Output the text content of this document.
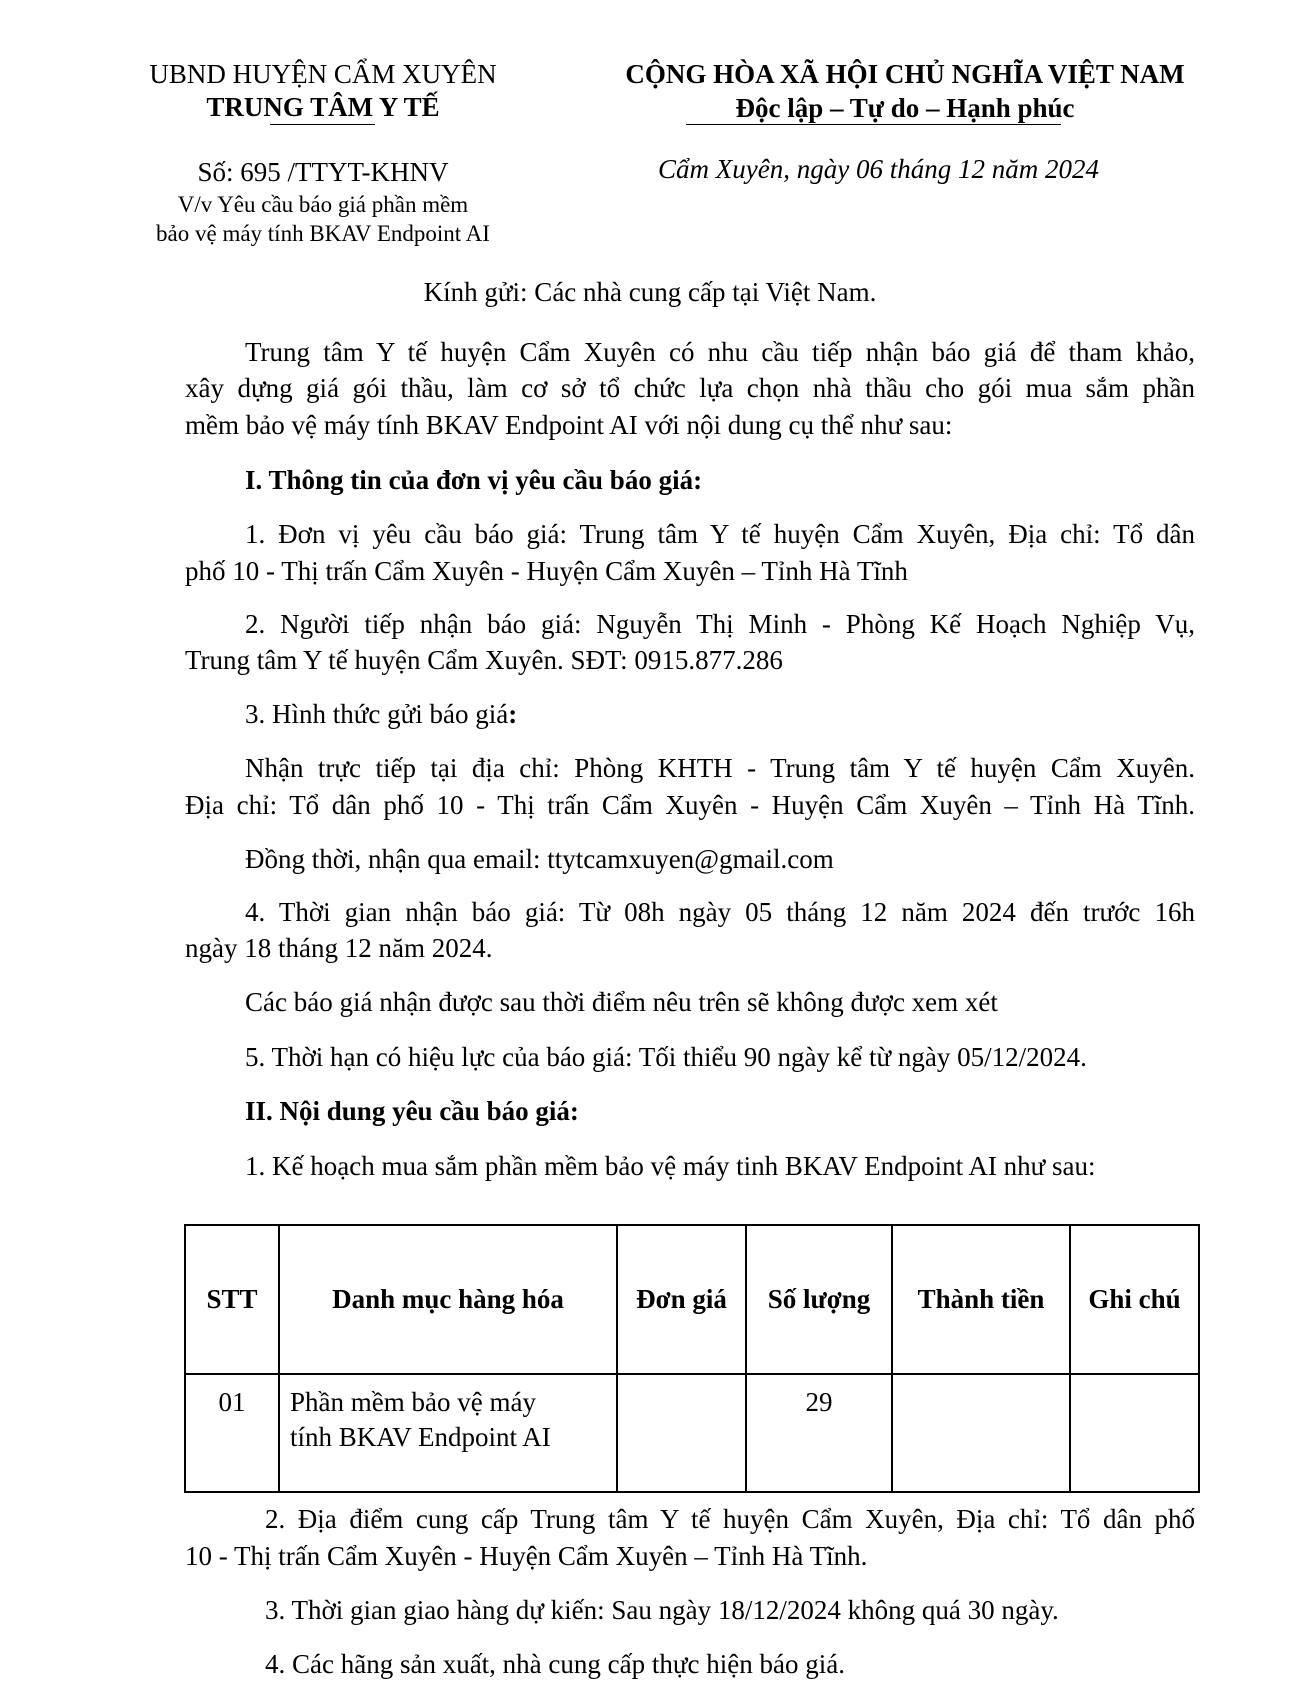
UBND HUYỆN CẨM XUYÊN
TRUNG TÂM Y TẾ
CỘNG HÒA XÃ HỘI CHỦ NGHĨA VIỆT NAM
Độc lập – Tự do – Hạnh phúc
Số: 695 /TTYT-KHNV
V/v Yêu cầu báo giá phần mềm
bảo vệ máy tính BKAV Endpoint AI
Cẩm Xuyên, ngày 06 tháng 12 năm 2024
Kính gửi: Các nhà cung cấp tại Việt Nam.
Trung tâm Y tế huyện Cẩm Xuyên có nhu cầu tiếp nhận báo giá để tham khảo,
xây dựng giá gói thầu, làm cơ sở tổ chức lựa chọn nhà thầu cho gói mua sắm phần
mềm bảo vệ máy tính BKAV Endpoint AI với nội dung cụ thể như sau:
I. Thông tin của đơn vị yêu cầu báo giá:
1. Đơn vị yêu cầu báo giá: Trung tâm Y tế huyện Cẩm Xuyên, Địa chỉ: Tổ dân
phố 10 - Thị trấn Cẩm Xuyên - Huyện Cẩm Xuyên – Tỉnh Hà Tĩnh
2. Người tiếp nhận báo giá: Nguyễn Thị Minh - Phòng Kế Hoạch Nghiệp Vụ,
Trung tâm Y tế huyện Cẩm Xuyên. SĐT: 0915.877.286
3. Hình thức gửi báo giá:
Nhận trực tiếp tại địa chỉ: Phòng KHTH - Trung tâm Y tế huyện Cẩm Xuyên.
Địa chỉ: Tổ dân phố 10 - Thị trấn Cẩm Xuyên - Huyện Cẩm Xuyên – Tỉnh Hà Tĩnh.
Đồng thời, nhận qua email: ttytcamxuyen@gmail.com
4. Thời gian nhận báo giá: Từ 08h ngày 05 tháng 12 năm 2024 đến trước 16h
ngày 18 tháng 12 năm 2024.
Các báo giá nhận được sau thời điểm nêu trên sẽ không được xem xét
5. Thời hạn có hiệu lực của báo giá: Tối thiểu 90 ngày kể từ ngày 05/12/2024.
II. Nội dung yêu cầu báo giá:
1. Kế hoạch mua sắm phần mềm bảo vệ máy tinh BKAV Endpoint AI như sau:
STT	Danh mục hàng hóa	Đơn giá	Số lượng	Thành tiền	Ghi chú
01	Phần mềm bảo vệ máy
tính BKAV Endpoint AI		29		
2. Địa điểm cung cấp Trung tâm Y tế huyện Cẩm Xuyên, Địa chỉ: Tổ dân phố
10 - Thị trấn Cẩm Xuyên - Huyện Cẩm Xuyên – Tỉnh Hà Tĩnh.
3. Thời gian giao hàng dự kiến: Sau ngày 18/12/2024 không quá 30 ngày.
4. Các hãng sản xuất, nhà cung cấp thực hiện báo giá.
